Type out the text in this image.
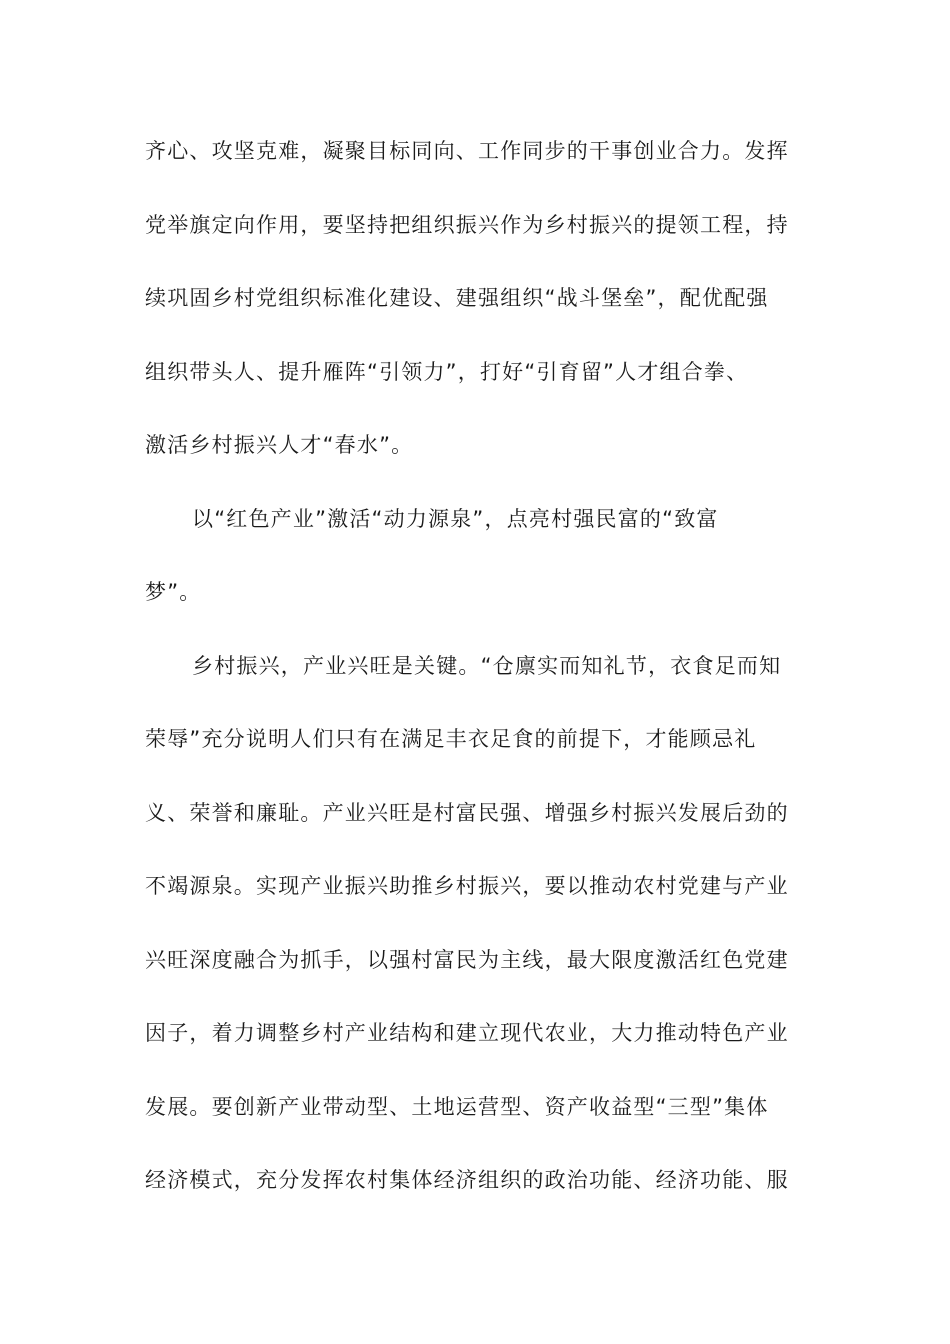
齐心、攻坚克难，凝聚目标同向、工作同步的干事创业合力。发挥
党举旗定向作用，要坚持把组织振兴作为乡村振兴的提领工程，持
续巩固乡村党组织标准化建设、建强组织“战斗堡垒”，配优配强
组织带头人、提升雁阵“引领力”，打好“引育留”人才组合拳、
激活乡村振兴人才“春水”。
以“红色产业”激活“动力源泉”，点亮村强民富的“致富
梦”。
乡村振兴，产业兴旺是关键。“仓廪实而知礼节，衣食足而知
荣辱”充分说明人们只有在满足丰衣足食的前提下，才能顾忌礼
义、荣誉和廉耻。产业兴旺是村富民强、增强乡村振兴发展后劲的
不竭源泉。实现产业振兴助推乡村振兴，要以推动农村党建与产业
兴旺深度融合为抓手，以强村富民为主线，最大限度激活红色党建
因子，着力调整乡村产业结构和建立现代农业，大力推动特色产业
发展。要创新产业带动型、土地运营型、资产收益型“三型”集体
经济模式，充分发挥农村集体经济组织的政治功能、经济功能、服
